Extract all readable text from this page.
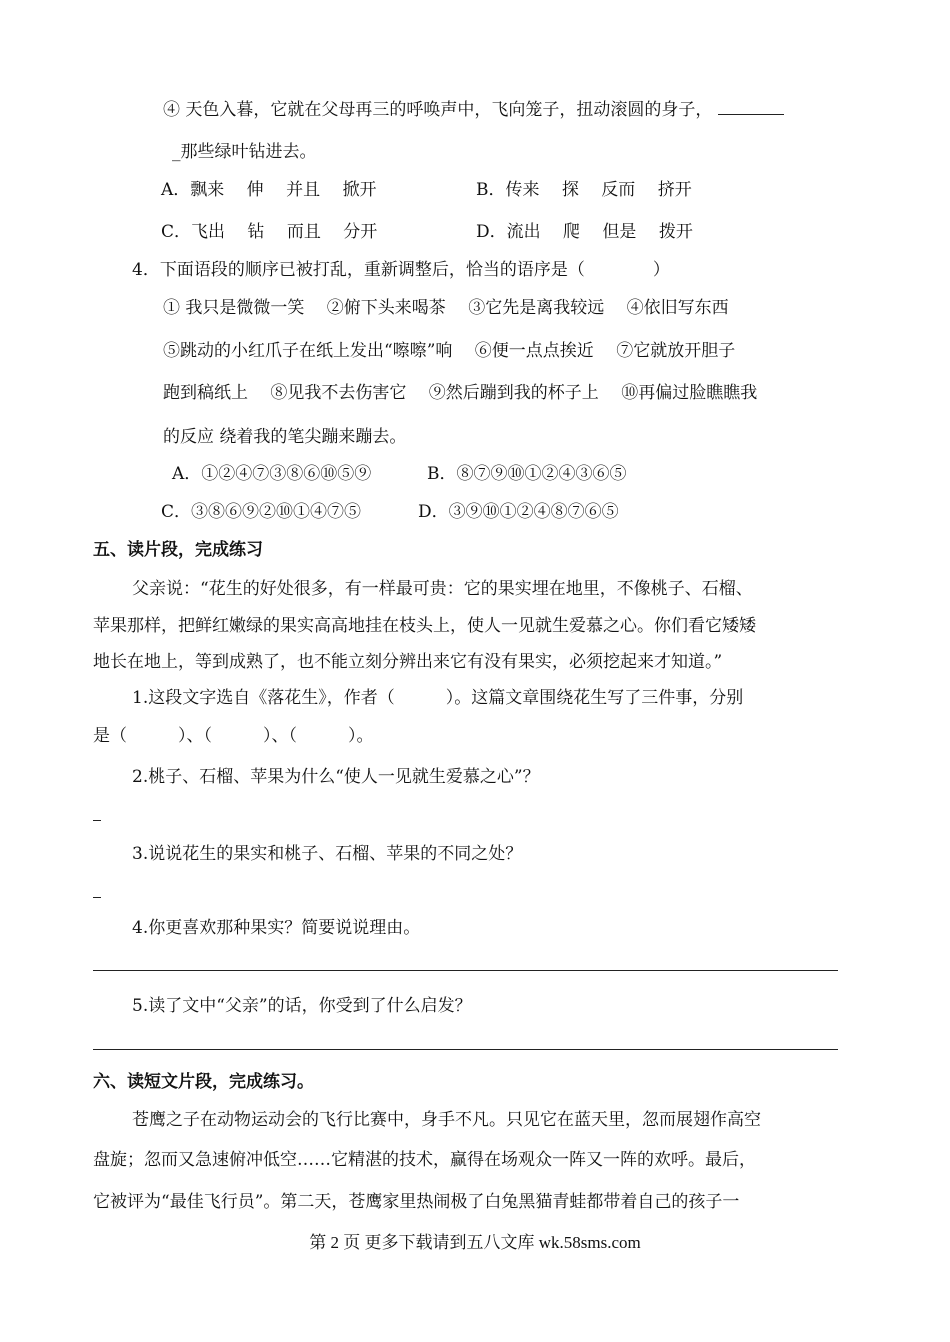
④ 天色入暮，它就在父母再三的呼唤声中，飞向笼子，扭动滚圆的身子，
_那些绿叶钻进去。
A．飘来　 伸　 并且　 掀开	B．传来　 探　 反而　 挤开
C．飞出　 钻　 而且　 分开	D．流出　 爬　 但是　 拨开
4．下面语段的顺序已被打乱，重新调整后，恰当的语序是（　　　　）
① 我只是微微一笑　 ②俯下头来喝茶　 ③它先是离我较远　 ④依旧写东西
⑤跳动的小红爪子在纸上发出“嚓嚓”响　 ⑥便一点点挨近　 ⑦它就放开胆子
跑到稿纸上　 ⑧见我不去伤害它　 ⑨然后蹦到我的杯子上　 ⑩再偏过脸瞧瞧我
的反应 绕着我的笔尖蹦来蹦去。
A．①②④⑦③⑧⑥⑩⑤⑨	B．⑧⑦⑨⑩①②④③⑥⑤
C．③⑧⑥⑨②⑩①④⑦⑤	D．③⑨⑩①②④⑧⑦⑥⑤
五、读片段，完成练习
父亲说：“花生的好处很多，有一样最可贵：它的果实埋在地里，不像桃子、石榴、
苹果那样，把鲜红嫩绿的果实高高地挂在枝头上，使人一见就生爱慕之心。你们看它矮矮
地长在地上，等到成熟了，也不能立刻分辨出来它有没有果实，必须挖起来才知道。”
1.这段文字选自《落花生》，作者（　　　）。这篇文章围绕花生写了三件事，分别
是（　　　）、（　　　）、（　　　）。
2.桃子、石榴、苹果为什么“使人一见就生爱慕之心”？
3.说说花生的果实和桃子、石榴、苹果的不同之处？
4.你更喜欢那种果实？简要说说理由。
5.读了文中“父亲”的话，你受到了什么启发？
六、读短文片段，完成练习。
苍鹰之子在动物运动会的飞行比赛中，身手不凡。只见它在蓝天里，忽而展翅作高空
盘旋；忽而又急速俯冲低空……它精湛的技术，赢得在场观众一阵又一阵的欢呼。最后，
它被评为“最佳飞行员”。第二天，苍鹰家里热闹极了白兔黑猫青蛙都带着自己的孩子一
第 2 页 更多下载请到五八文库 wk.58sms.com
